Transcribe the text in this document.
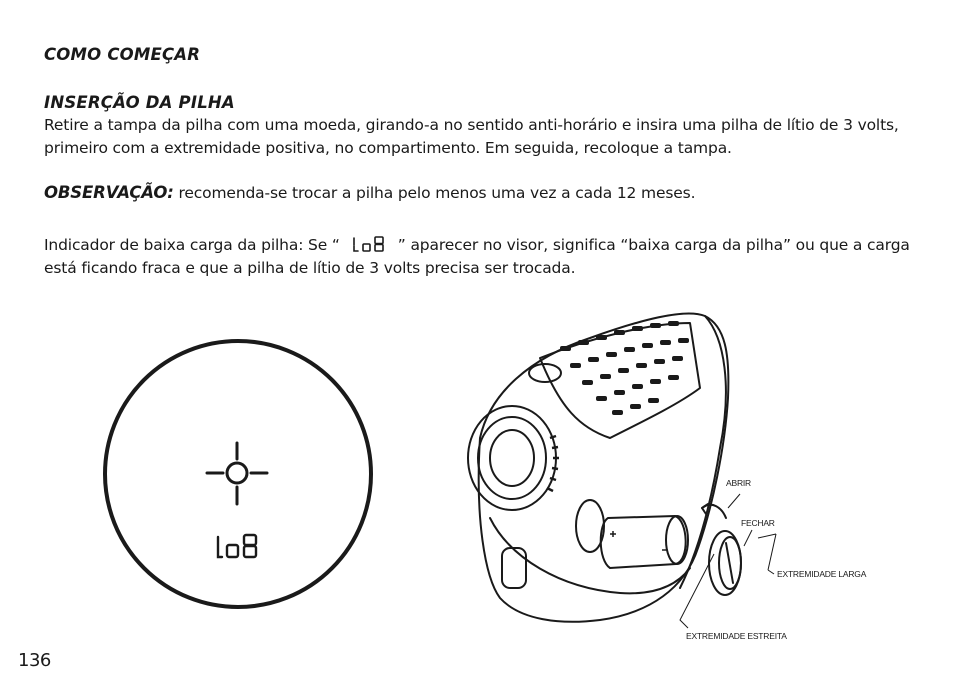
COMO COMEÇAR
INSERÇÃO DA PILHA

Retire a tampa da pilha com uma moeda, girando-a no sentido anti-horário e insira uma pilha de lítio de 3 volts, primeiro com a extremidade positiva, no compartimento. Em seguida, recoloque a tampa.

OBSERVAÇÃO: recomenda-se trocar a pilha pelo menos uma vez a cada 12 meses.

Indicador de baixa carga da pilha: Se “	” aparecer no visor, significa “baixa carga da pilha” ou que a carga está ficando fraca e que a pilha de lítio de 3 volts precisa ser trocada.

ABRIR
FECHAR
EXTREMIDADE LARGA
EXTREMIDADE ESTREITA
136
